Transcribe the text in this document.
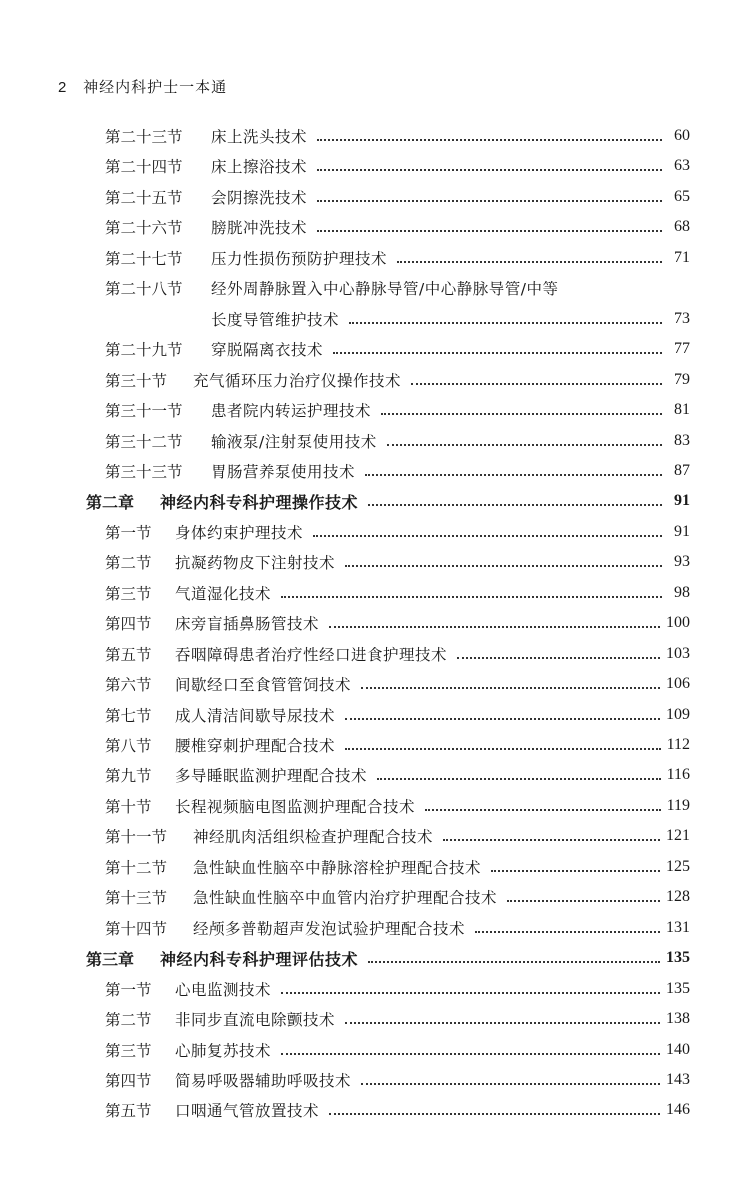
2 神经内科护士一本通
第二十三节	床上洗头技术	60
第二十四节	床上擦浴技术	63
第二十五节	会阴擦洗技术	65
第二十六节	膀胱冲洗技术	68
第二十七节	压力性损伤预防护理技术	71
第二十八节	经外周静脉置入中心静脉导管/中心静脉导管/中等
长度导管维护技术	73
第二十九节	穿脱隔离衣技术	77
第三十节	充气循环压力治疗仪操作技术	79
第三十一节	患者院内转运护理技术	81
第三十二节	输液泵/注射泵使用技术	83
第三十三节	胃肠营养泵使用技术	87
第二章	神经内科专科护理操作技术	91
第一节	身体约束护理技术	91
第二节	抗凝药物皮下注射技术	93
第三节	气道湿化技术	98
第四节	床旁盲插鼻肠管技术	100
第五节	吞咽障碍患者治疗性经口进食护理技术	103
第六节	间歇经口至食管管饲技术	106
第七节	成人清洁间歇导尿技术	109
第八节	腰椎穿刺护理配合技术	112
第九节	多导睡眠监测护理配合技术	116
第十节	长程视频脑电图监测护理配合技术	119
第十一节	神经肌肉活组织检查护理配合技术	121
第十二节	急性缺血性脑卒中静脉溶栓护理配合技术	125
第十三节	急性缺血性脑卒中血管内治疗护理配合技术	128
第十四节	经颅多普勒超声发泡试验护理配合技术	131
第三章	神经内科专科护理评估技术	135
第一节	心电监测技术	135
第二节	非同步直流电除颤技术	138
第三节	心肺复苏技术	140
第四节	简易呼吸器辅助呼吸技术	143
第五节	口咽通气管放置技术	146
